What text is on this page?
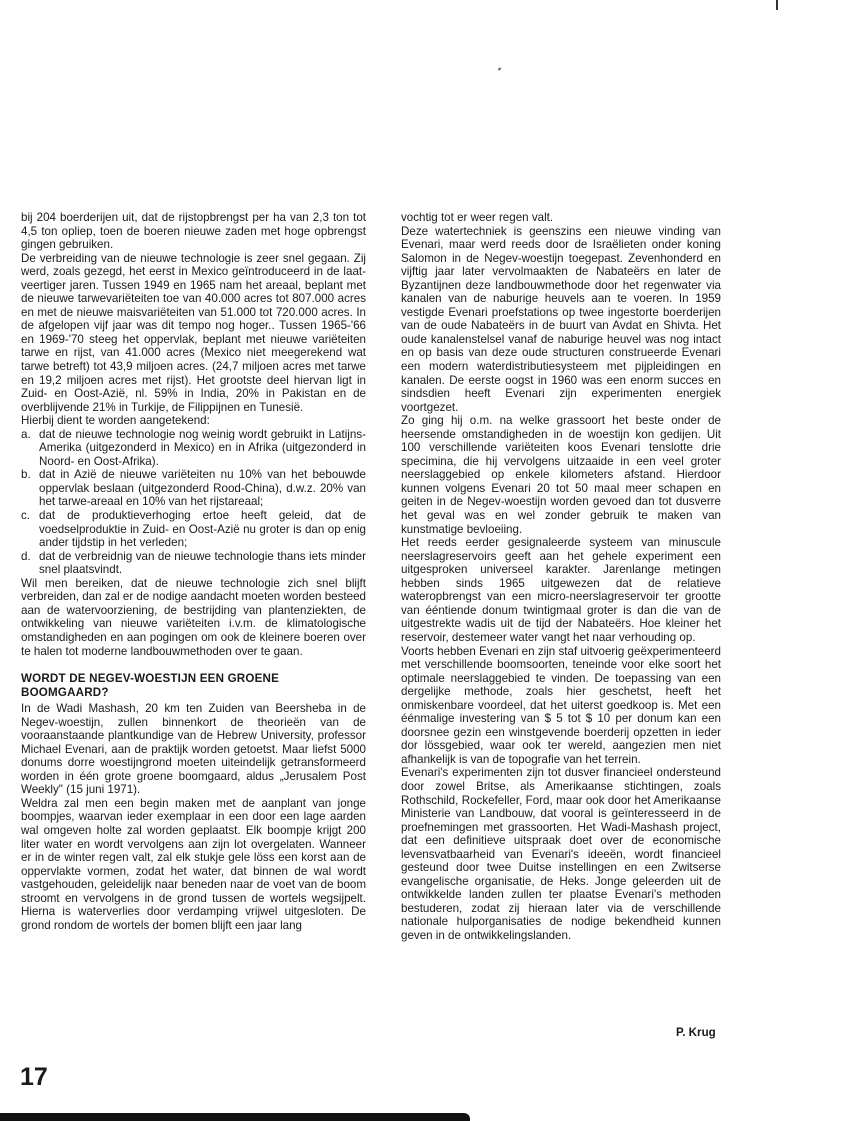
bij 204 boerderijen uit, dat de rijstopbrengst per ha van 2,3 ton tot 4,5 ton opliep, toen de boeren nieuwe zaden met hoge opbrengst gingen gebruiken.

De verbreiding van de nieuwe technologie is zeer snel gegaan. Zij werd, zoals gezegd, het eerst in Mexico geïntroduceerd in de laat-veertiger jaren. Tussen 1949 en 1965 nam het areaal, beplant met de nieuwe tarwevariëteiten toe van 40.000 acres tot 807.000 acres en met de nieuwe maisvariëteiten van 51.000 tot 720.000 acres. In de afgelopen vijf jaar was dit tempo nog hoger.. Tussen 1965-'66 en 1969-'70 steeg het oppervlak, beplant met nieuwe variëteiten tarwe en rijst, van 41.000 acres (Mexico niet meegerekend wat tarwe betreft) tot 43,9 miljoen acres. (24,7 miljoen acres met tarwe en 19,2 miljoen acres met rijst). Het grootste deel hiervan ligt in Zuid- en Oost-Azië, nl. 59% in India, 20% in Pakistan en de overblijvende 21% in Turkije, de Filippijnen en Tunesië.

Hierbij dient te worden aangetekend:

a. dat de nieuwe technologie nog weinig wordt gebruikt in Latijns-Amerika (uitgezonderd in Mexico) en in Afrika (uitgezonderd in Noord- en Oost-Afrika).
b. dat in Azië de nieuwe variëteiten nu 10% van het bebouwde oppervlak beslaan (uitgezonderd Rood-China), d.w.z. 20% van het tarwe-areaal en 10% van het rijstareaal;
c. dat de produktieverhoging ertoe heeft geleid, dat de voedselproduktie in Zuid- en Oost-Azië nu groter is dan op enig ander tijdstip in het verleden;
d. dat de verbreidnig van de nieuwe technologie thans iets minder snel plaatsvindt.

Wil men bereiken, dat de nieuwe technologie zich snel blijft verbreiden, dan zal er de nodige aandacht moeten worden besteed aan de watervoorziening, de bestrijding van plantenziekten, de ontwikkeling van nieuwe variëteiten i.v.m. de klimatologische omstandigheden en aan pogingen om ook de kleinere boeren over te halen tot moderne landbouwmethoden over te gaan.

WORDT DE NEGEV-WOESTIJN EEN GROENE BOOMGAARD?

In de Wadi Mashash, 20 km ten Zuiden van Beersheba in de Negev-woestijn, zullen binnenkort de theorieën van de vooraanstaande plantkundige van de Hebrew University, professor Michael Evenari, aan de praktijk worden getoetst. Maar liefst 5000 donums dorre woestijngrond moeten uiteindelijk getransformeerd worden in één grote groene boomgaard, aldus „Jerusalem Post Weekly" (15 juni 1971).

Weldra zal men een begin maken met de aanplant van jonge boompjes, waarvan ieder exemplaar in een door een lage aarden wal omgeven holte zal worden geplaatst. Elk boompje krijgt 200 liter water en wordt vervolgens aan zijn lot overgelaten. Wanneer er in de winter regen valt, zal elk stukje gele löss een korst aan de oppervlakte vormen, zodat het water, dat binnen de wal wordt vastgehouden, geleidelijk naar beneden naar de voet van de boom stroomt en vervolgens in de grond tussen de wortels wegsijpelt. Hierna is waterverlies door verdamping vrijwel uitgesloten. De grond rondom de wortels der bomen blijft een jaar lang

vochtig tot er weer regen valt.

Deze watertechniek is geenszins een nieuwe vinding van Evenari, maar werd reeds door de Israëlieten onder koning Salomon in de Negev-woestijn toegepast. Zevenhonderd en vijftig jaar later vervolmaakten de Nabateërs en later de Byzantijnen deze landbouwmethode door het regenwater via kanalen van de naburige heuvels aan te voeren. In 1959 vestigde Evenari proefstations op twee ingestorte boerderijen van de oude Nabateërs in de buurt van Avdat en Shivta. Het oude kanalenstelsel vanaf de naburige heuvel was nog intact en op basis van deze oude structuren construeerde Evenari een modern waterdistributiesysteem met pijpleidingen en kanalen. De eerste oogst in 1960 was een enorm succes en sindsdien heeft Evenari zijn experimenten energiek voortgezet.

Zo ging hij o.m. na welke grassoort het beste onder de heersende omstandigheden in de woestijn kon gedijen. Uit 100 verschillende variëteiten koos Evenari tenslotte drie specimina, die hij vervolgens uitzaaide in een veel groter neerslaggebied op enkele kilometers afstand. Hierdoor kunnen volgens Evenari 20 tot 50 maal meer schapen en geiten in de Negev-woestijn worden gevoed dan tot dusverre het geval was en wel zonder gebruik te maken van kunstmatige bevloeiing.

Het reeds eerder gesignaleerde systeem van minuscule neerslagreservoirs geeft aan het gehele experiment een uitgesproken universeel karakter. Jarenlange metingen hebben sinds 1965 uitgewezen dat de relatieve wateropbrengst van een micro-neerslagreservoir ter grootte van ééntiende donum twintigmaal groter is dan die van de uitgestrekte wadis uit de tijd der Nabateërs. Hoe kleiner het reservoir, destemeer water vangt het naar verhouding op.

Voorts hebben Evenari en zijn staf uitvoerig geëxperimenteerd met verschillende boomsoorten, teneinde voor elke soort het optimale neerslaggebied te vinden. De toepassing van een dergelijke methode, zoals hier geschetst, heeft het onmiskenbare voordeel, dat het uiterst goedkoop is. Met een éénmalige investering van $ 5 tot $ 10 per donum kan een doorsnee gezin een winstgevende boerderij opzetten in ieder dor lössgebied, waar ook ter wereld, aangezien men niet afhankelijk is van de topografie van het terrein.

Evenari's experimenten zijn tot dusver financieel ondersteund door zowel Britse, als Amerikaanse stichtingen, zoals Rothschild, Rockefeller, Ford, maar ook door het Amerikaanse Ministerie van Landbouw, dat vooral is geïnteresseerd in de proefnemingen met grassoorten. Het Wadi-Mashash project, dat een definitieve uitspraak doet over de economische levensvatbaarheid van Evenari's ideeën, wordt financieel gesteund door twee Duitse instellingen en een Zwitserse evangelische organisatie, de Heks. Jonge geleerden uit de ontwikkelde landen zullen ter plaatse Evenari's methoden bestuderen, zodat zij hieraan later via de verschillende nationale hulporganisaties de nodige bekendheid kunnen geven in de ontwikkelingslanden.

P. Krug
17
